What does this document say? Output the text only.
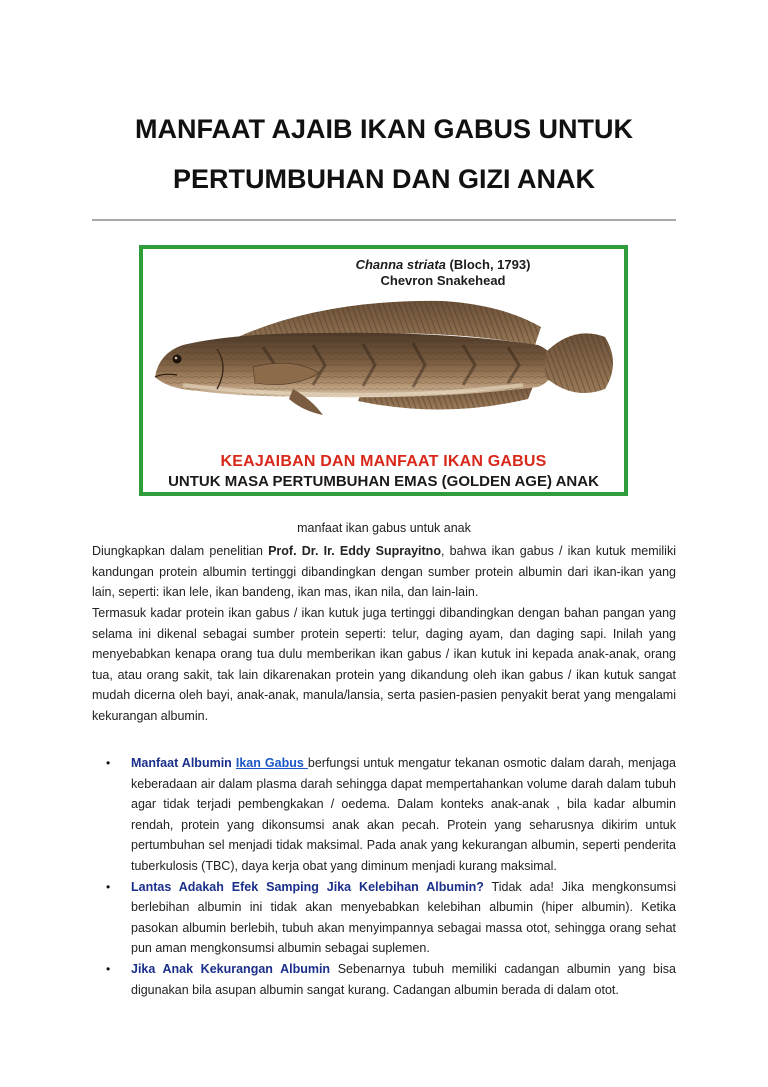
MANFAAT AJAIB IKAN GABUS UNTUK
PERTUMBUHAN DAN GIZI ANAK
Channa striata (Bloch, 1793)
Chevron Snakehead
KEAJAIBAN DAN MANFAAT IKAN GABUS
UNTUK MASA PERTUMBUHAN EMAS (GOLDEN AGE) ANAK
manfaat ikan gabus untuk anak
Diungkapkan dalam penelitian Prof. Dr. Ir. Eddy Suprayitno, bahwa ikan gabus / ikan kutuk memiliki kandungan protein albumin tertinggi dibandingkan dengan sumber protein albumin dari ikan-ikan yang lain, seperti: ikan lele, ikan bandeng, ikan mas, ikan nila, dan lain-lain.
Termasuk kadar protein ikan gabus / ikan kutuk juga tertinggi dibandingkan dengan bahan pangan yang selama ini dikenal sebagai sumber protein seperti: telur, daging ayam, dan daging sapi. Inilah yang menyebabkan kenapa orang tua dulu memberikan ikan gabus / ikan kutuk ini kepada anak-anak, orang tua, atau orang sakit, tak lain dikarenakan protein yang dikandung oleh ikan gabus / ikan kutuk sangat mudah dicerna oleh bayi, anak-anak, manula/lansia, serta pasien-pasien penyakit berat yang mengalami kekurangan albumin.
• Manfaat Albumin Ikan Gabus berfungsi untuk mengatur tekanan osmotic dalam darah, menjaga keberadaan air dalam plasma darah sehingga dapat mempertahankan volume darah dalam tubuh agar tidak terjadi pembengkakan / oedema. Dalam konteks anak-anak , bila kadar albumin rendah, protein yang dikonsumsi anak akan pecah. Protein yang seharusnya dikirim untuk pertumbuhan sel menjadi tidak maksimal. Pada anak yang kekurangan albumin, seperti penderita tuberkulosis (TBC), daya kerja obat yang diminum menjadi kurang maksimal.
• Lantas Adakah Efek Samping Jika Kelebihan Albumin? Tidak ada! Jika mengkonsumsi berlebihan albumin ini tidak akan menyebabkan kelebihan albumin (hiper albumin). Ketika pasokan albumin berlebih, tubuh akan menyimpannya sebagai massa otot, sehingga orang sehat pun aman mengkonsumsi albumin sebagai suplemen.
• Jika Anak Kekurangan Albumin Sebenarnya tubuh memiliki cadangan albumin yang bisa digunakan bila asupan albumin sangat kurang. Cadangan albumin berada di dalam otot.
